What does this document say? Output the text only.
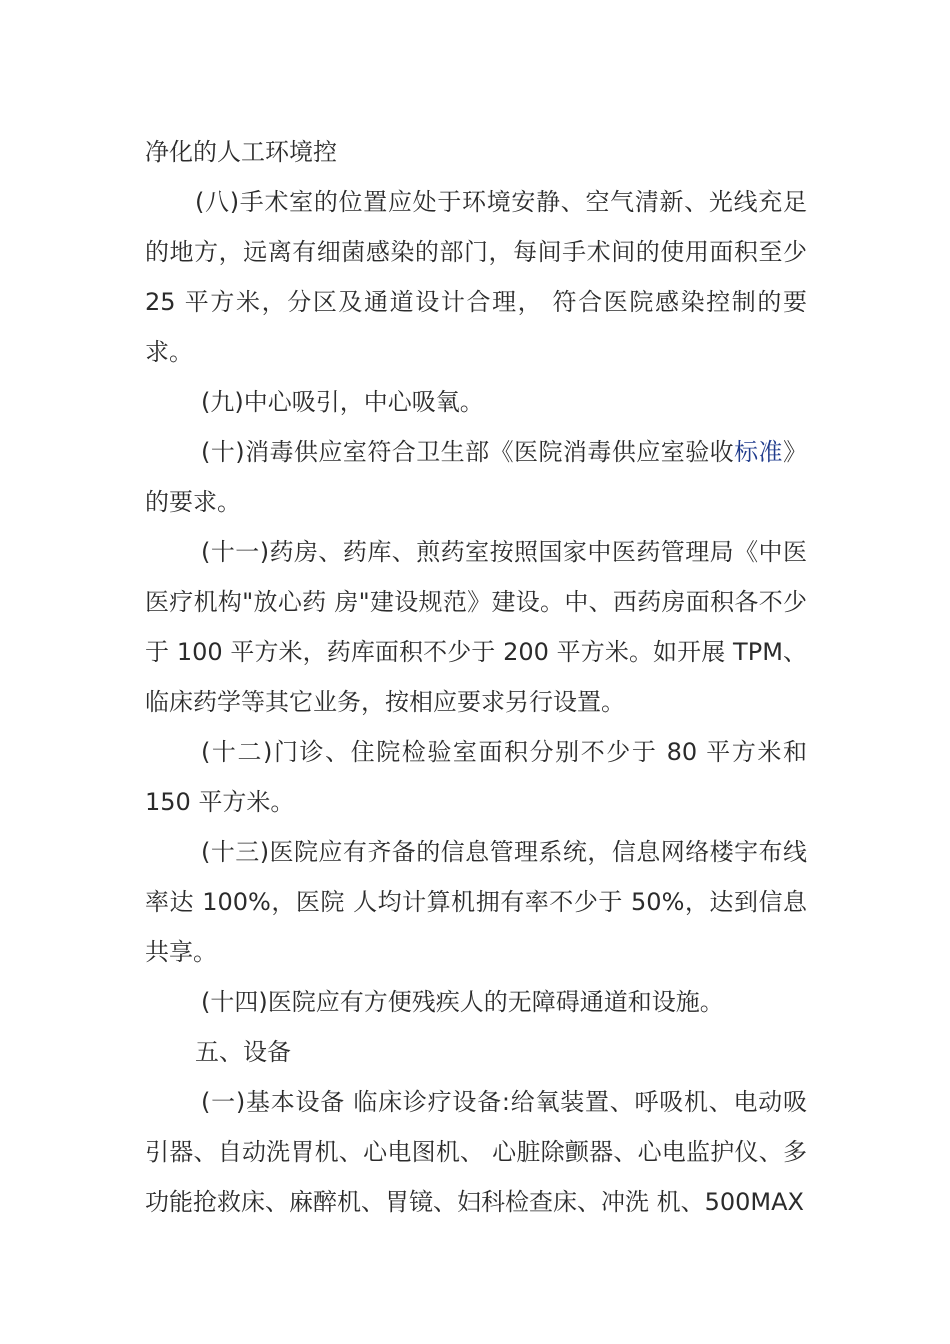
净化的人工环境控

(八)手术室的位置应处于环境安静、空气清新、光线充足的地方，远离有细菌感染的部门，每间手术间的使用面积至少 25 平方米，分区及通道设计合理， 符合医院感染控制的要求。

(九)中心吸引，中心吸氧。

(十)消毒供应室符合卫生部《医院消毒供应室验收标准》的要求。

(十一)药房、药库、煎药室按照国家中医药管理局《中医医疗机构"放心药 房"建设规范》建设。中、西药房面积各不少于 100 平方米，药库面积不少于 200 平方米。如开展 TPM、临床药学等其它业务，按相应要求另行设置。

(十二)门诊、住院检验室面积分别不少于 80 平方米和 150 平方米。

(十三)医院应有齐备的信息管理系统，信息网络楼宇布线率达 100%，医院 人均计算机拥有率不少于 50%，达到信息共享。

(十四)医院应有方便残疾人的无障碍通道和设施。

五、设备

(一)基本设备 临床诊疗设备:给氧装置、呼吸机、电动吸引器、自动洗胃机、心电图机、 心脏除颤器、心电监护仪、多功能抢救床、麻醉机、胃镜、妇科检查床、冲洗 机、500MAX
